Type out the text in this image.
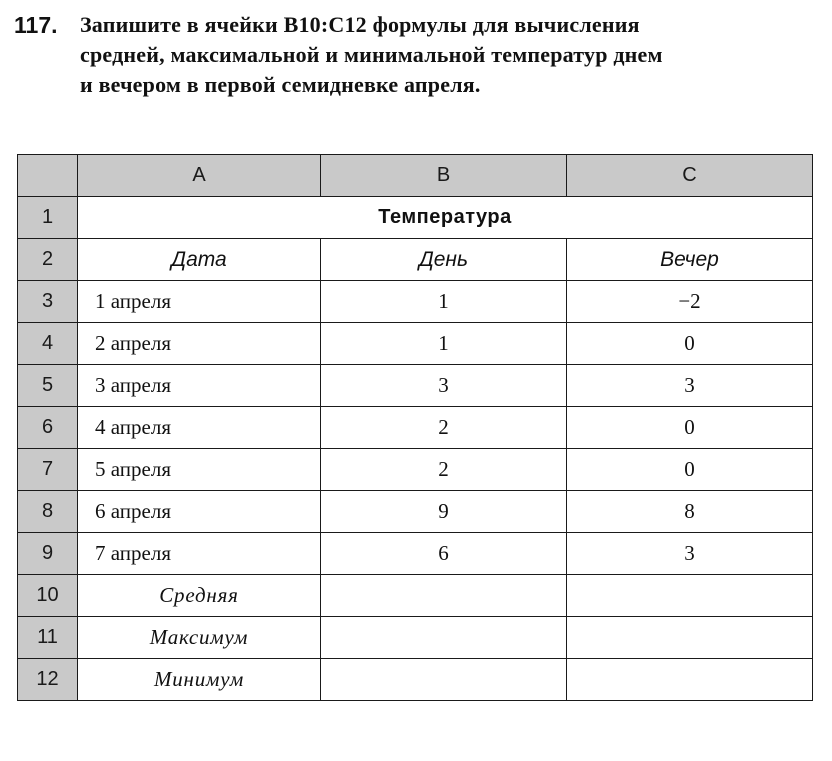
117. Запишите в ячейки B10:C12 формулы для вычисления
средней, максимальной и минимальной температур днем
и вечером в первой семидневке апреля.
	A	B	C
1	Температура		
2	Дата	День	Вечер
3	1 апреля	1	−2
4	2 апреля	1	0
5	3 апреля	3	3
6	4 апреля	2	0
7	5 апреля	2	0
8	6 апреля	9	8
9	7 апреля	6	3
10	Средняя		
11	Максимум		
12	Минимум		
